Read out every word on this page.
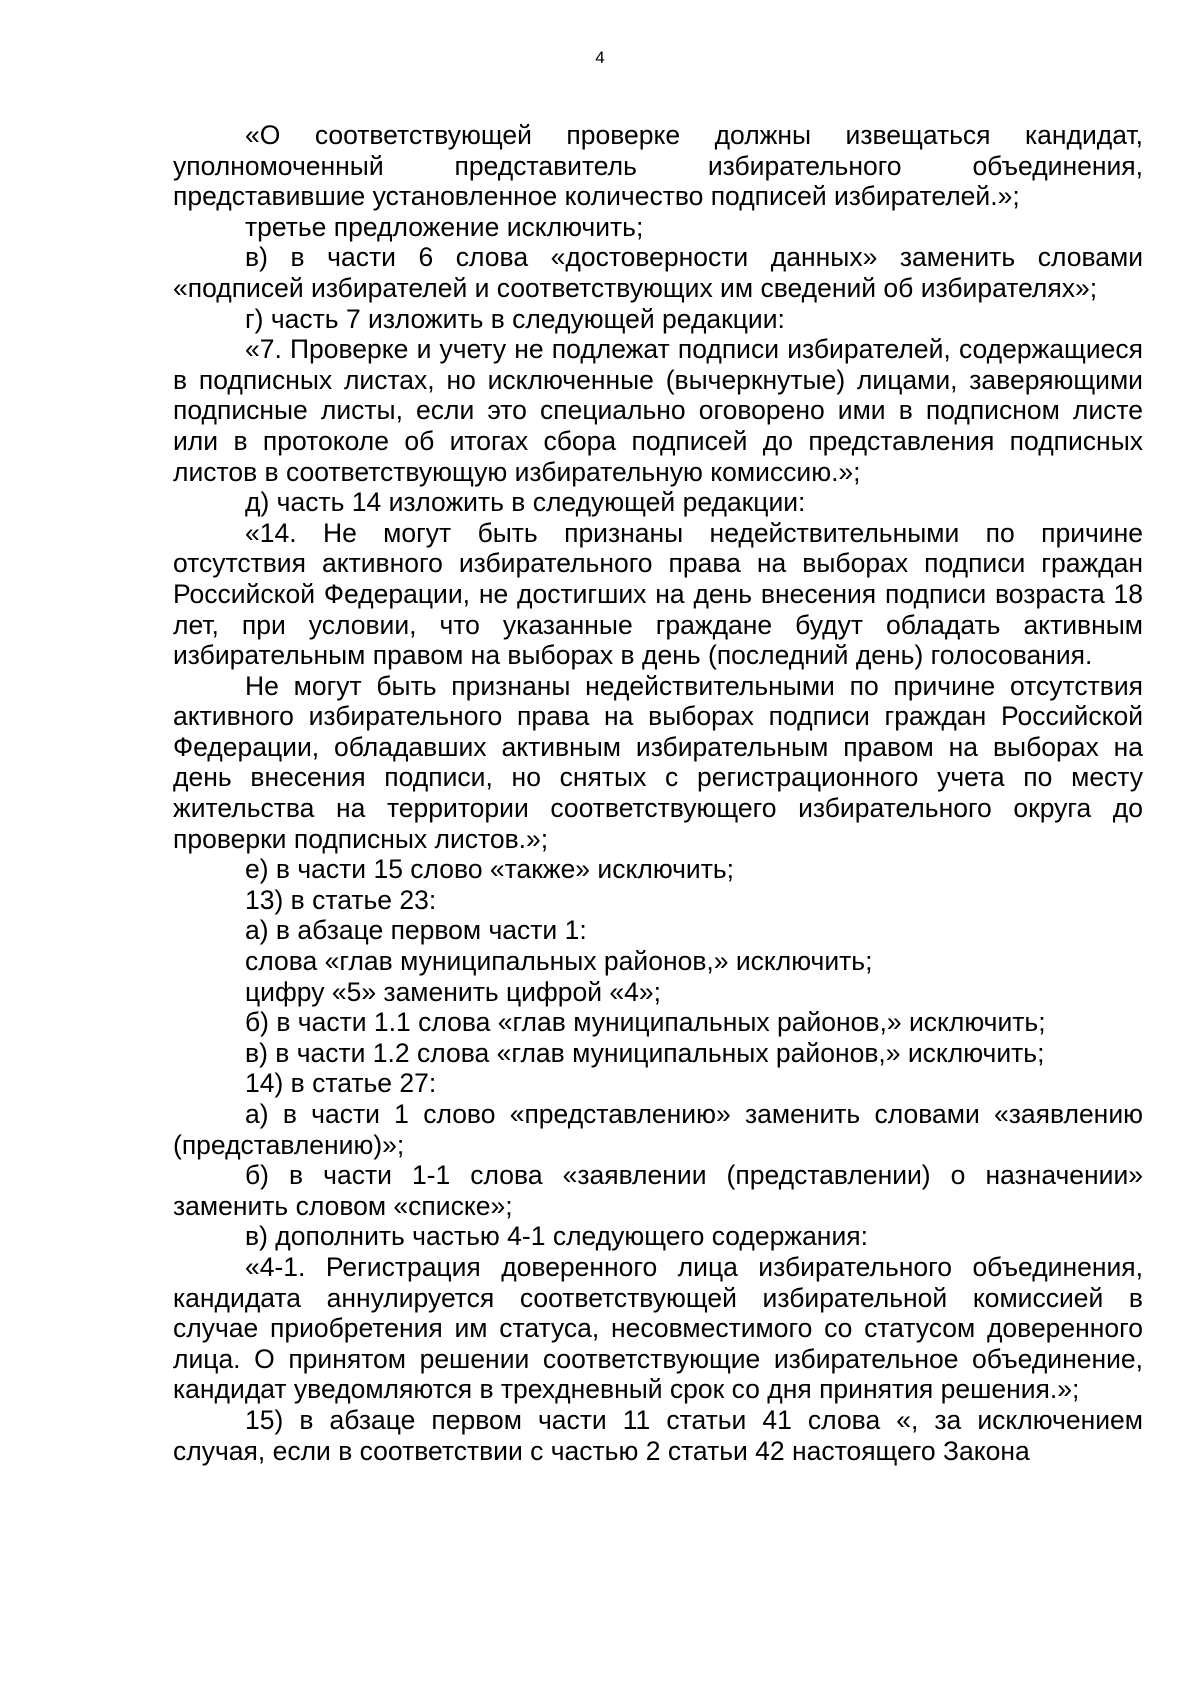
4

«О соответствующей проверке должны извещаться кандидат, уполномоченный представитель избирательного объединения, представившие установленное количество подписей избирателей.»;

третье предложение исключить;

в) в части 6 слова «достоверности данных» заменить словами «подписей избирателей и соответствующих им сведений об избирателях»;

г) часть 7 изложить в следующей редакции:

«7. Проверке и учету не подлежат подписи избирателей, содержащиеся в подписных листах, но исключенные (вычеркнутые) лицами, заверяющими подписные листы, если это специально оговорено ими в подписном листе или в протоколе об итогах сбора подписей до представления подписных листов в соответствующую избирательную комиссию.»;

д) часть 14 изложить в следующей редакции:

«14. Не могут быть признаны недействительными по причине отсутствия активного избирательного права на выборах подписи граждан Российской Федерации, не достигших на день внесения подписи возраста 18 лет, при условии, что указанные граждане будут обладать активным избирательным правом на выборах в день (последний день) голосования.

Не могут быть признаны недействительными по причине отсутствия активного избирательного права на выборах подписи граждан Российской Федерации, обладавших активным избирательным правом на выборах на день внесения подписи, но снятых с регистрационного учета по месту жительства на территории соответствующего избирательного округа до проверки подписных листов.»;

е) в части 15 слово «также» исключить;

13) в статье 23:

а) в абзаце первом части 1:

слова «глав муниципальных районов,» исключить;

цифру «5» заменить цифрой «4»;

б) в части 1.1 слова «глав муниципальных районов,» исключить;

в) в части 1.2 слова «глав муниципальных районов,» исключить;

14) в статье 27:

а) в части 1 слово «представлению» заменить словами «заявлению (представлению)»;

б) в части 1-1 слова «заявлении (представлении) о назначении» заменить словом «списке»;

в) дополнить частью 4-1 следующего содержания:

«4-1. Регистрация доверенного лица избирательного объединения, кандидата аннулируется соответствующей избирательной комиссией в случае приобретения им статуса, несовместимого со статусом доверенного лица. О принятом решении соответствующие избирательное объединение, кандидат уведомляются в трехдневный срок со дня принятия решения.»;

15) в абзаце первом части 11 статьи 41 слова «, за исключением случая, если в соответствии с частью 2 статьи 42 настоящего Закона
